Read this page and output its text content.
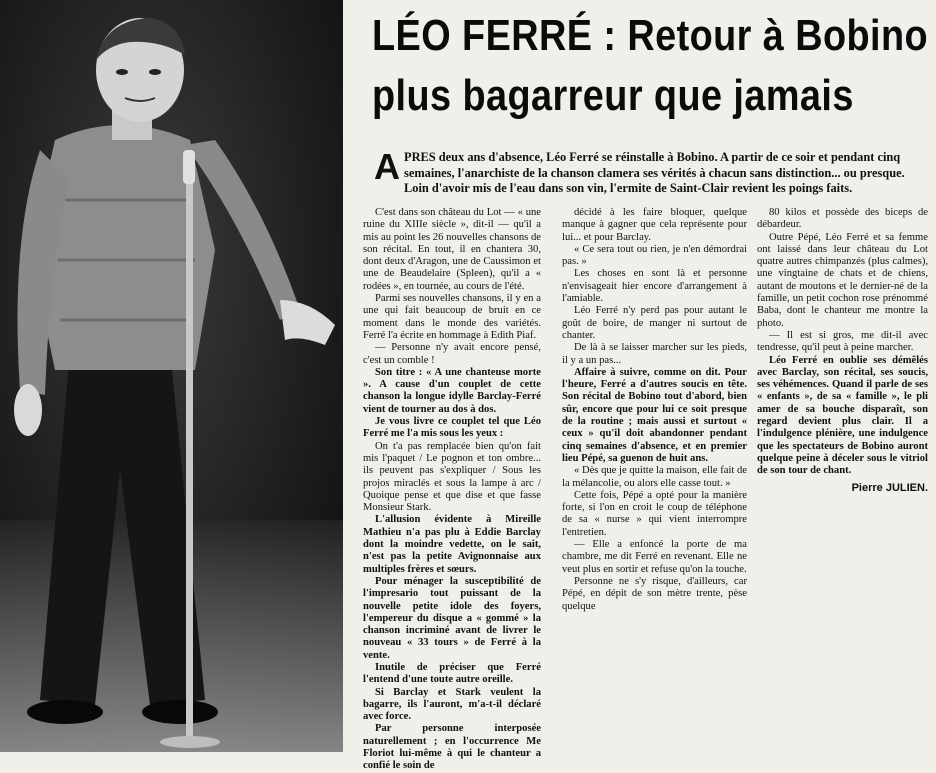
LÉO FERRÉ : Retour à Bobino
plus bagarreur que jamais
A PRES deux ans d'absence, Léo Ferré se réinstalle à Bobino. A partir de ce soir et pendant cinq semaines, l'anarchiste de la chanson clamera ses vérités à chacun sans distinction... ou presque.

Loin d'avoir mis de l'eau dans son vin, l'ermite de Saint-Clair revient les poings faits.

C'est dans son château du Lot — « une ruine du XIIIe siècle », dit-il — qu'il a mis au point les 26 nouvelles chansons de son récital. En tout, il en chantera 30, dont deux d'Aragon, une de Caussimon et une de Beaudelaire (Spleen), qu'il a « rodées », en tournée, au cours de l'été.

Parmi ses nouvelles chansons, il y en a une qui fait beaucoup de bruit en ce moment dans le monde des variétés. Ferré l'a écrite en hommage à Edith Piaf.

— Personne n'y avait encore pensé, c'est un comble !

Son titre : « A une chanteuse morte ». A cause d'un couplet de cette chanson la longue idylle Barclay-Ferré vient de tourner au dos à dos.

Je vous livre ce couplet tel que Léo Ferré me l'a mis sous les yeux :

On t'a pas remplacée bien qu'on fait mis l'paquet / Le pognon et ton ombre... ils peuvent pas s'expliquer / Sous les projos miraclés et sous la lampe à arc / Quoique pense et que dise et que fasse Monsieur Stark.

L'allusion évidente à Mireille Mathieu n'a pas plu à Eddie Barclay dont la moindre vedette, on le sait, n'est pas la petite Avignonnaise aux multiples frères et sœurs.

Pour ménager la susceptibilité de l'impresario tout puissant de la nouvelle petite idole des foyers, l'empereur du disque a « gommé » la chanson incriminé avant de livrer le nouveau « 33 tours » de Ferré à la vente.

Inutile de préciser que Ferré l'entend d'une toute autre oreille.

Si Barclay et Stark veulent la bagarre, ils l'auront, m'a-t-il déclaré avec force.

Par personne interposée naturellement ; en l'occurrence Me Floriot lui-même à qui le chanteur a confié le soin de

décidé à les faire bloquer, quelque manque à gagner que cela représente pour lui... et pour Barclay.

« Ce sera tout ou rien, je n'en démordrai pas. »

Les choses en sont là et personne n'envisageait hier encore d'arrangement à l'amiable.

Léo Ferré n'y perd pas pour autant le goût de boire, de manger ni surtout de chanter.

De là à se laisser marcher sur les pieds, il y a un pas...

Affaire à suivre, comme on dit. Pour l'heure, Ferré a d'autres soucis en tête. Son récital de Bobino tout d'abord, bien sûr, encore que pour lui ce soit presque de la routine ; mais aussi et surtout « ceux » qu'il doit abandonner pendant cinq semaines d'absence, et en premier lieu Pépé, sa guenon de huit ans.

« Dès que je quitte la maison, elle fait de la mélancolie, ou alors elle casse tout. »

Cette fois, Pépé a opté pour la manière forte, si l'on en croit le coup de téléphone de sa « nurse » qui vient interrompre l'entretien.

— Elle a enfoncé la porte de ma chambre, me dit Ferré en revenant. Elle ne veut plus en sortir et refuse qu'on la touche.

Personne ne s'y risque, d'ailleurs, car Pépé, en dépit de son mètre trente, pèse quelque

80 kilos et possède des biceps de débardeur.

Outre Pépé, Léo Ferré et sa femme ont laissé dans leur château du Lot quatre autres chimpanzés (plus calmes), une vingtaine de chats et de chiens, autant de moutons et le dernier-né de la famille, un petit cochon rose prénommé Baba, dont le chanteur me montre la photo.

— Il est si gros, me dit-il avec tendresse, qu'il peut à peine marcher.

Léo Ferré en oublie ses démêlés avec Barclay, son récital, ses soucis, ses véhémences. Quand il parle de ses « enfants », de sa « famille », le pli amer de sa bouche disparaît, son regard devient plus clair. Il a l'indulgence plénière, une indulgence que les spectateurs de Bobino auront quelque peine à déceler sous le vitriol de son tour de chant.

Pierre JULIEN.
